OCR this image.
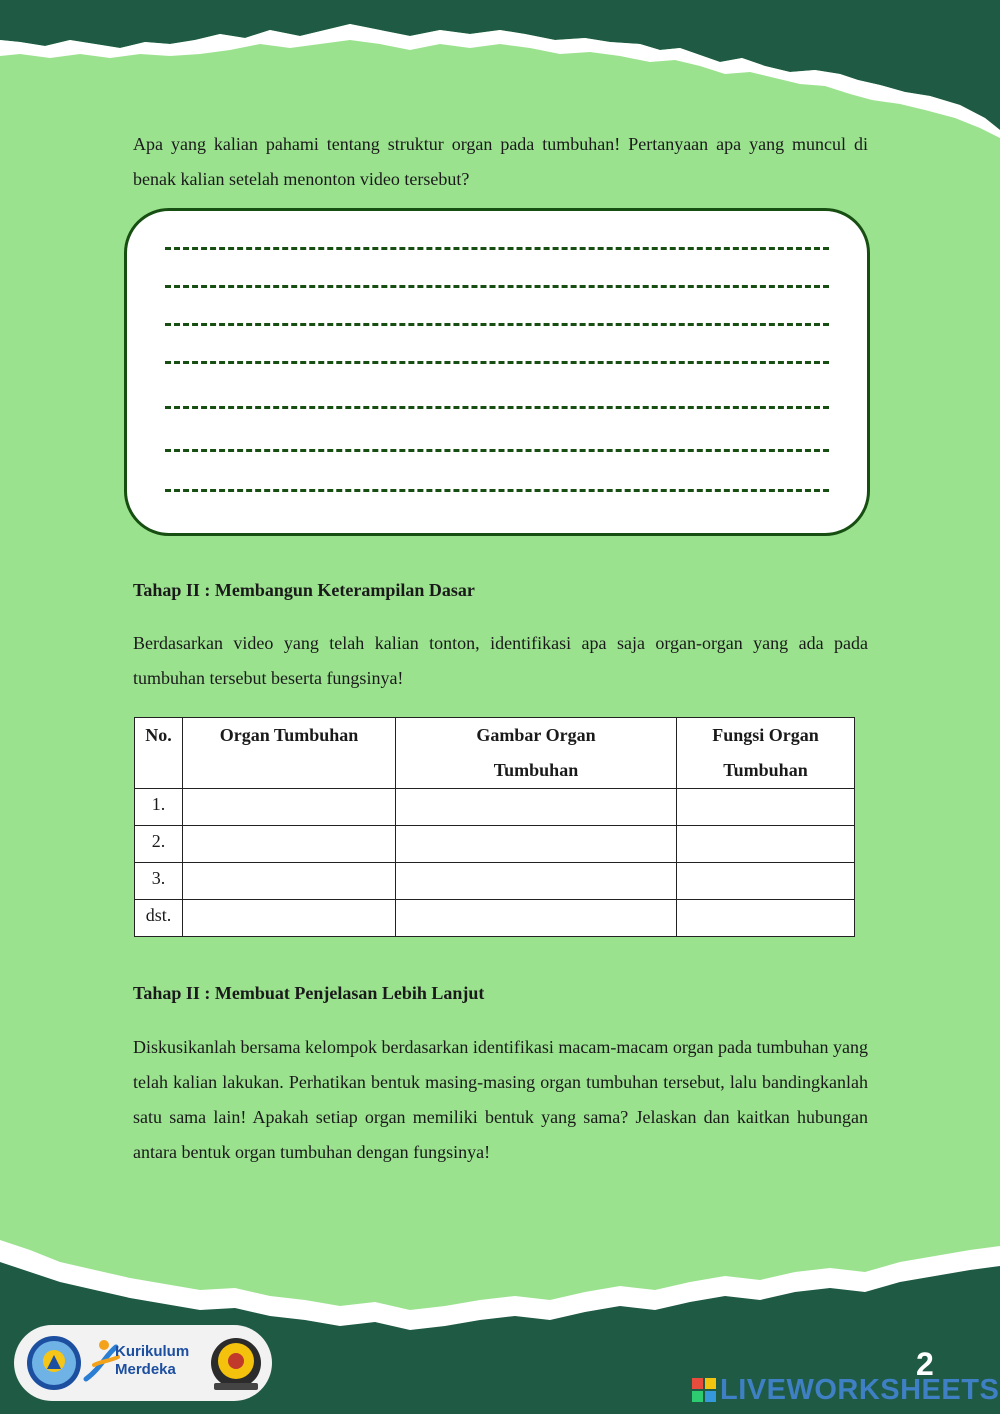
Apa yang kalian pahami tentang struktur organ pada tumbuhan! Pertanyaan apa yang muncul di benak kalian setelah menonton video tersebut?

Tahap II : Membangun Keterampilan Dasar

Berdasarkan video yang telah kalian tonton, identifikasi apa saja organ-organ yang ada pada tumbuhan tersebut beserta fungsinya!

No.	Organ Tumbuhan	Gambar Organ Tumbuhan	Fungsi Organ Tumbuhan
1.			
2.			
3.			
dst.			
Tahap II : Membuat Penjelasan Lebih Lanjut

Diskusikanlah bersama kelompok berdasarkan identifikasi macam-macam organ pada tumbuhan yang telah kalian lakukan. Perhatikan bentuk masing-masing organ tumbuhan tersebut, lalu bandingkanlah satu sama lain! Apakah setiap organ memiliki bentuk yang sama? Jelaskan dan kaitkan hubungan antara bentuk organ tumbuhan dengan fungsinya!

Kurikulum
Merdeka	2
LIVEWORKSHEETS
